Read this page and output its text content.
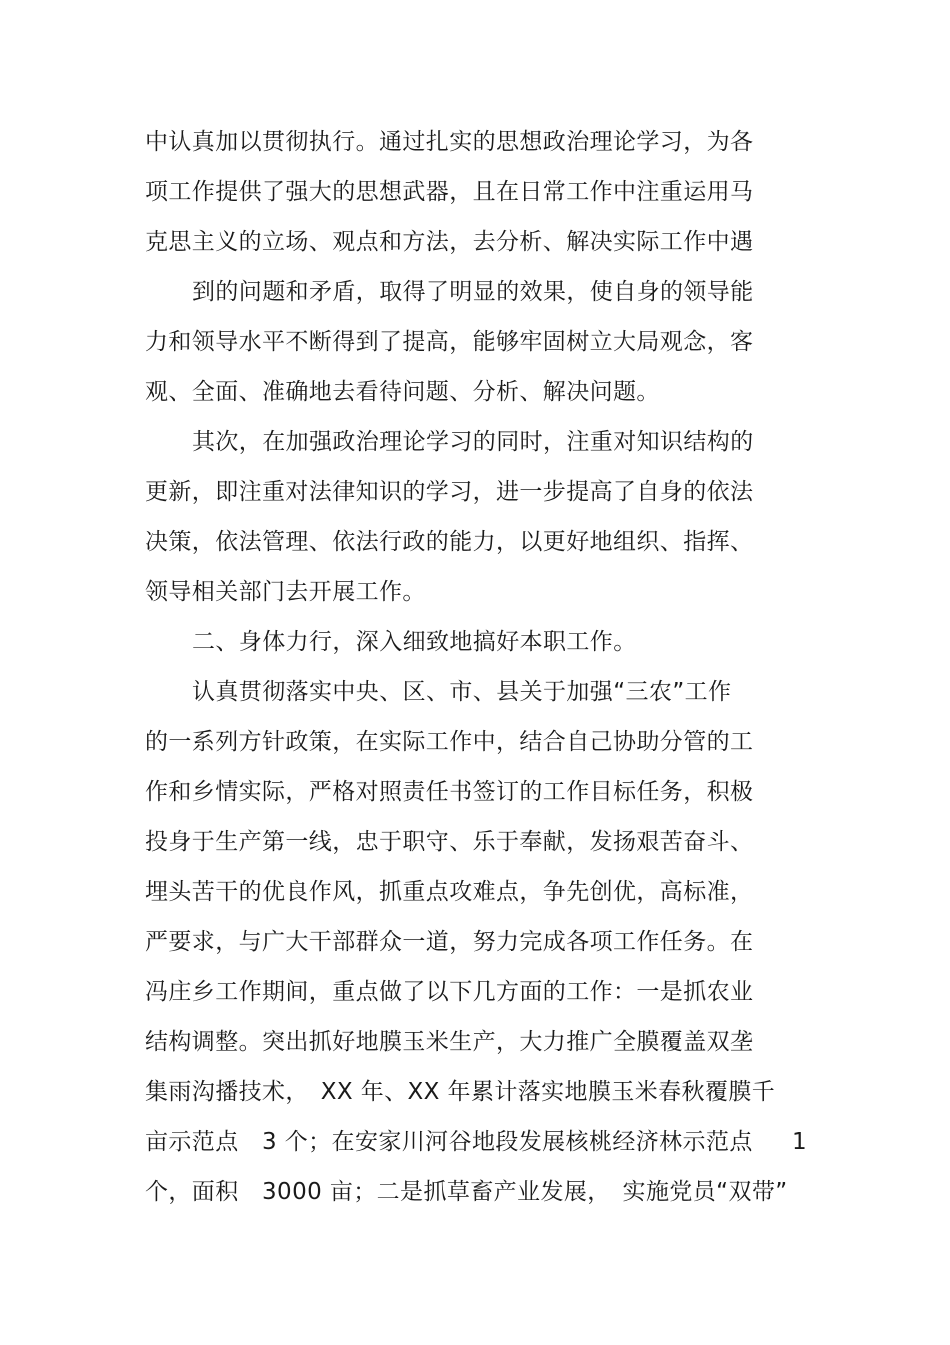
中认真加以贯彻执行。通过扎实的思想政治理论学习，为各
项工作提供了强大的思想武器，且在日常工作中注重运用马
克思主义的立场、观点和方法，去分析、解决实际工作中遇
到的问题和矛盾，取得了明显的效果，使自身的领导能
力和领导水平不断得到了提高，能够牢固树立大局观念，客
观、全面、准确地去看待问题、分析、解决问题。
其次，在加强政治理论学习的同时，注重对知识结构的
更新，即注重对法律知识的学习，进一步提高了自身的依法
决策，依法管理、依法行政的能力，以更好地组织、指挥、
领导相关部门去开展工作。
二、身体力行，深入细致地搞好本职工作。
认真贯彻落实中央、区、市、县关于加强“三农”工作
的一系列方针政策，在实际工作中，结合自己协助分管的工
作和乡情实际，严格对照责任书签订的工作目标任务，积极
投身于生产第一线，忠于职守、乐于奉献，发扬艰苦奋斗、
埋头苦干的优良作风，抓重点攻难点，争先创优，高标准，
严要求，与广大干部群众一道，努力完成各项工作任务。在
冯庄乡工作期间，重点做了以下几方面的工作：一是抓农业
结构调整。突出抓好地膜玉米生产，大力推广全膜覆盖双垄
集雨沟播技术，　XX 年、XX 年累计落实地膜玉米春秋覆膜千
亩示范点　3 个；在安家川河谷地段发展核桃经济林示范点
个，面积　3000 亩；二是抓草畜产业发展，　实施党员“双带”
1
